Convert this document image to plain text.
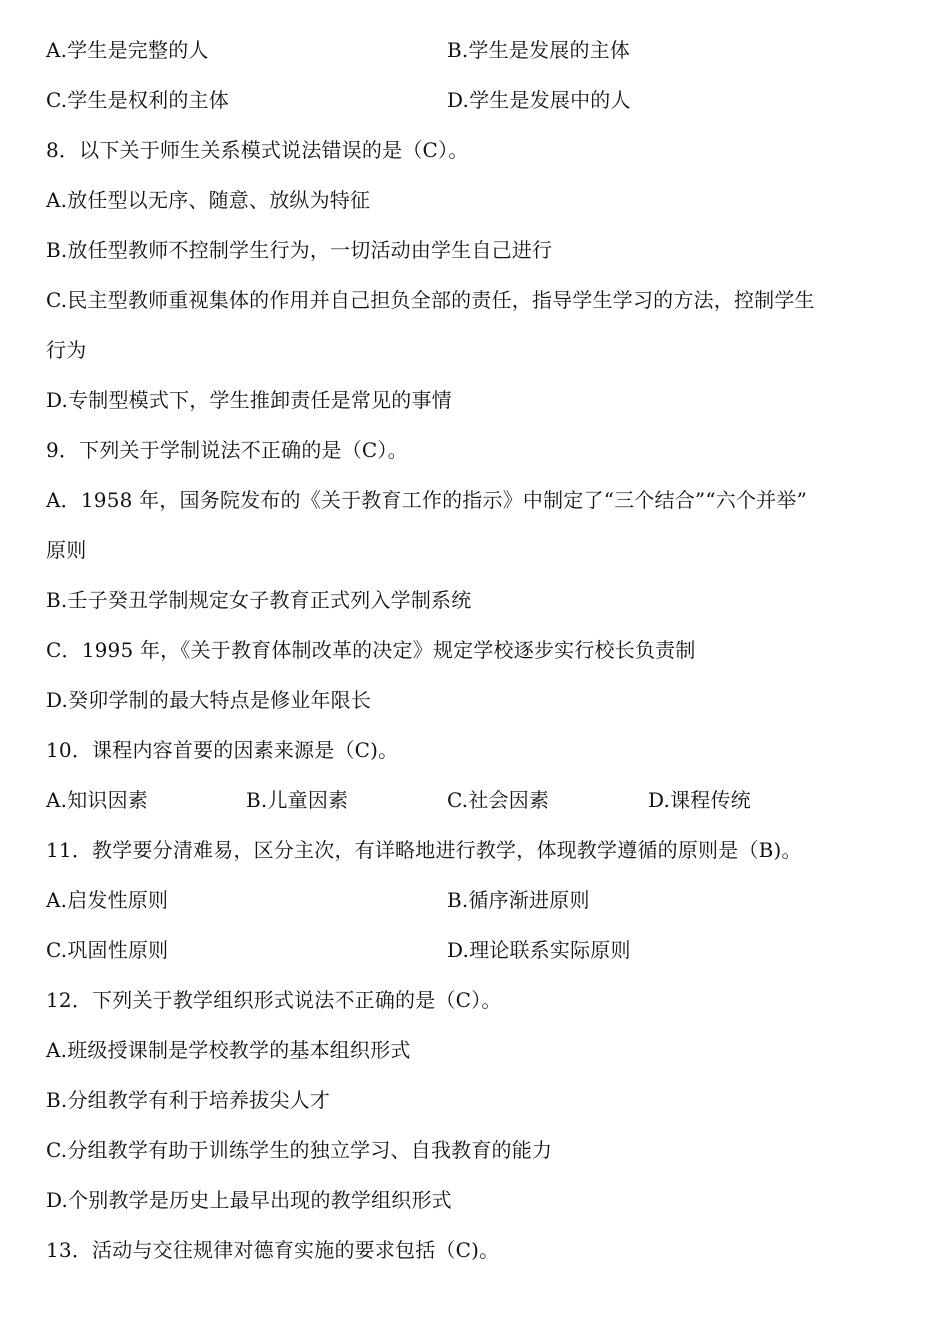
A.学生是完整的人	B.学生是发展的主体
C.学生是权利的主体	D.学生是发展中的人
8．以下关于师生关系模式说法错误的是（C）。
A.放任型以无序、随意、放纵为特征
B.放任型教师不控制学生行为，一切活动由学生自己进行
C.民主型教师重视集体的作用并自己担负全部的责任，指导学生学习的方法，控制学生
行为
D.专制型模式下，学生推卸责任是常见的事情
9．下列关于学制说法不正确的是（C）。
A．1958 年，国务院发布的《关于教育工作的指示》中制定了“三个结合”“六个并举”
原则
B.壬子癸丑学制规定女子教育正式列入学制系统
C．1995 年，《关于教育体制改革的决定》规定学校逐步实行校长负责制
D.癸卯学制的最大特点是修业年限长
10．课程内容首要的因素来源是（C)。
A.知识因素	B.儿童因素	C.社会因素	D.课程传统
11．教学要分清难易，区分主次，有详略地进行教学，体现教学遵循的原则是（B)。
A.启发性原则	B.循序渐进原则
C.巩固性原则	D.理论联系实际原则
12．下列关于教学组织形式说法不正确的是（C）。
A.班级授课制是学校教学的基本组织形式
B.分组教学有利于培养拔尖人才
C.分组教学有助于训练学生的独立学习、自我教育的能力
D.个别教学是历史上最早出现的教学组织形式
13．活动与交往规律对德育实施的要求包括（C)。
